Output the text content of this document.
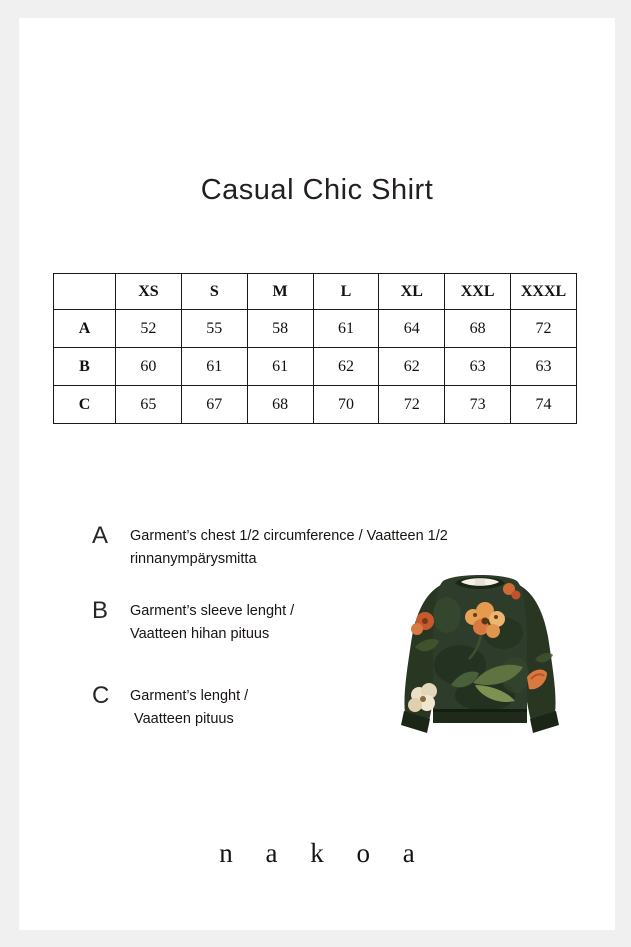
Casual Chic Shirt
	XS	S	M	L	XL	XXL	XXXL
A	52	55	58	61	64	68	72
B	60	61	61	62	62	63	63
C	65	67	68	70	72	73	74
A	Garment’s chest 1/2 circumference / Vaatteen 1/2
rinnanympärysmitta
B	Garment’s sleeve lenght /
Vaatteen hihan pituus
C	Garment’s lenght /
Vaatteen pituus
n a k o a
